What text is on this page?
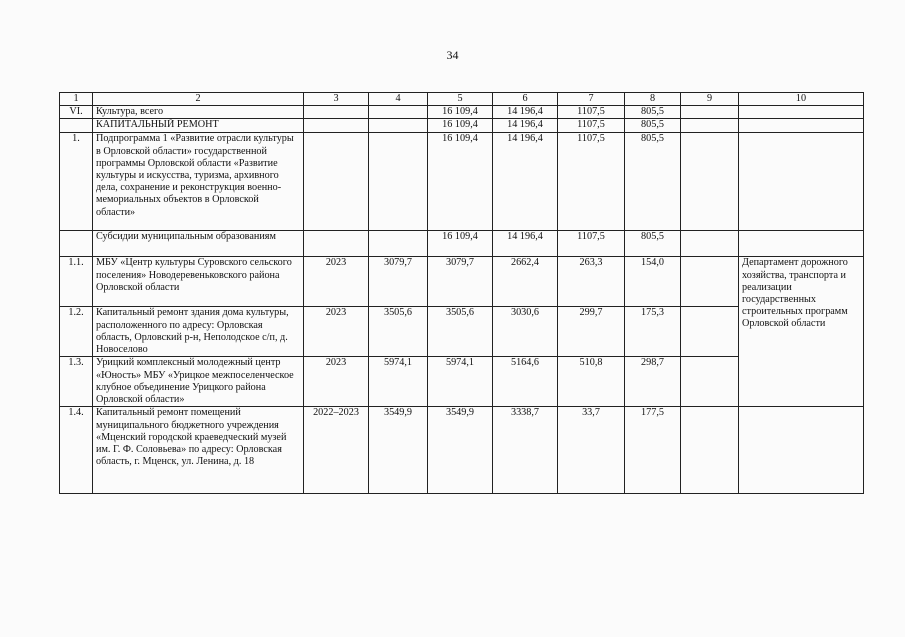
34
1	2	3	4	5	6	7	8	9	10
VI.	Культура, всего			16 109,4	14 196,4	1107,5	805,5		
	КАПИТАЛЬНЫЙ РЕМОНТ			16 109,4	14 196,4	1107,5	805,5		
1.	Подпрограмма 1 «Развитие отрасли культуры в Орловской области» государственной программы Орловской области «Развитие культуры и искусства, туризма, архивного дела, сохранение и реконструкция военно-мемориальных объектов в Орловской области»			16 109,4	14 196,4	1107,5	805,5		
	Субсидии муниципальным образованиям			16 109,4	14 196,4	1107,5	805,5		
1.1.	МБУ «Центр культуры Суровского сельского поселения» Новодеревеньковского района Орловской области	2023	3079,7	3079,7	2662,4	263,3	154,0		Департамент дорожного хозяйства, транспорта и реализации государственных строительных программ Орловской области
1.2.	Капитальный ремонт здания дома культуры, расположенного по адресу: Орловская область, Орловский р-н, Неполодское с/п, д. Новоселово	2023	3505,6	3505,6	3030,6	299,7	175,3		
1.3.	Урицкий комплексный молодежный центр «Юность» МБУ «Урицкое межпоселенческое клубное объединение Урицкого района Орловской области»	2023	5974,1	5974,1	5164,6	510,8	298,7		
1.4.	Капитальный ремонт помещений муниципального бюджетного учреждения «Мценский городской краеведческий музей им. Г. Ф. Соловьева» по адресу: Орловская область, г. Мценск, ул. Ленина, д. 18	2022–2023	3549,9	3549,9	3338,7	33,7	177,5		
